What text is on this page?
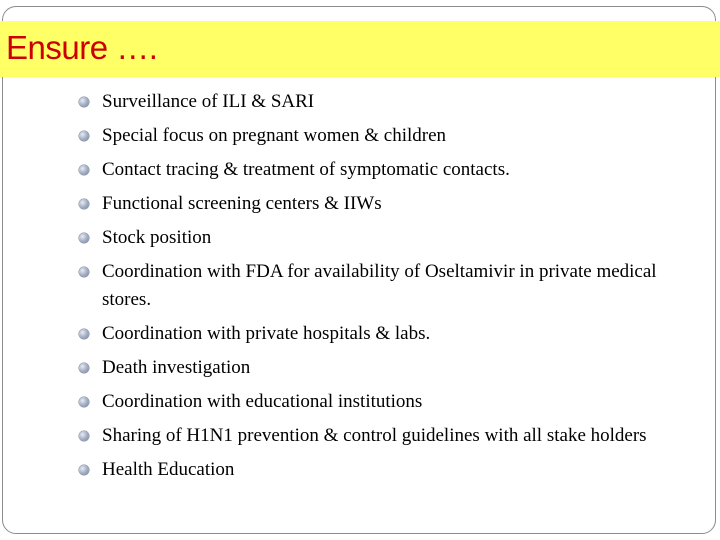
Ensure ….
Surveillance of ILI & SARI
Special focus on pregnant women & children
Contact tracing & treatment of symptomatic contacts.
Functional screening centers & IIWs
Stock position
Coordination with FDA for availability of Oseltamivir in private medical stores.
Coordination with private hospitals & labs.
Death investigation
Coordination with educational institutions
Sharing of H1N1 prevention & control guidelines with all stake holders
Health Education
